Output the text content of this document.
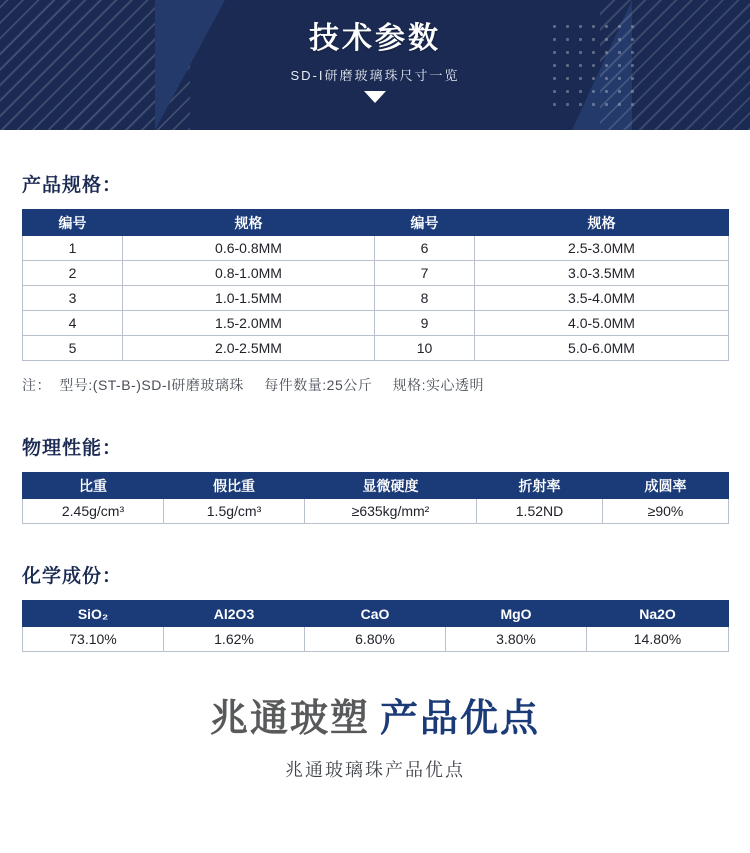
技术参数
SD-I研磨玻璃珠尺寸一览
产品规格：
编号	规格	编号	规格
1	0.6-0.8MM	6	2.5-3.0MM
2	0.8-1.0MM	7	3.0-3.5MM
3	1.0-1.5MM	8	3.5-4.0MM
4	1.5-2.0MM	9	4.0-5.0MM
5	2.0-2.5MM	10	5.0-6.0MM
注： 型号:(ST-B-)SD-I研磨玻璃珠 每件数量:25公斤 规格:实心透明
物理性能：
比重	假比重	显微硬度	折射率	成圆率
2.45g/cm³	1.5g/cm³	≥635kg/mm²	1.52ND	≥90%
化学成份：
SiO₂	Al2O3	CaO	MgO	Na2O
73.10%	1.62%	6.80%	3.80%	14.80%
兆通玻塑 产品优点
兆通玻璃珠产品优点
